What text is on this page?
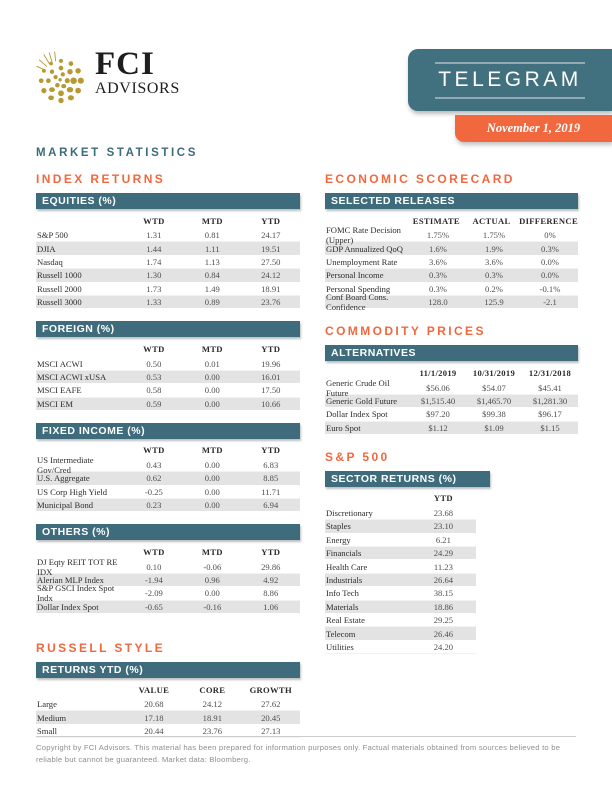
FCI
ADVISORS	TELEGRAM
November 1, 2019
MARKET STATISTICS
INDEX RETURNS
EQUITIES (%)
WTD	MTD	YTD
S&P 500	1.31	0.81	24.17
DJIA	1.44	1.11	19.51
Nasdaq	1.74	1.13	27.50
Russell 1000	1.30	0.84	24.12
Russell 2000	1.73	1.49	18.91
Russell 3000	1.33	0.89	23.76
FOREIGN (%)
WTD	MTD	YTD
MSCI ACWI	0.50	0.01	19.96
MSCI ACWI xUSA	0.53	0.00	16.01
MSCI EAFE	0.58	0.00	17.50
MSCI EM	0.59	0.00	10.66
FIXED INCOME (%)
WTD	MTD	YTD
US Intermediate Gov/Cred
0.43	0.00	6.83
U.S. Aggregate	0.62	0.00	8.85
US Corp High Yield	-0.25	0.00	11.71
Municipal Bond	0.23	0.00	6.94
OTHERS (%)
WTD	MTD	YTD
DJ Eqty REIT TOT RE IDX
0.10	-0.06	29.86
Alerian MLP Index	-1.94	0.96	4.92
S&P GSCI Index Spot Indx
-2.09	0.00	8.86
Dollar Index Spot	-0.65	-0.16	1.06
RUSSELL STYLE
RETURNS YTD (%)
VALUE	CORE	GROWTH
Large	20.68	24.12	27.62
Medium	17.18	18.91	20.45
Small	20.44	23.76	27.13
ECONOMIC SCORECARD
SELECTED RELEASES
ESTIMATE	ACTUAL DIFFERENCE
FOMC Rate Decision (Upper)
1.75%	1.75%	0%
GDP Annualized QoQ	1.6%	1.9%	0.3%
Unemployment Rate	3.6%	3.6%	0.0%
Personal Income	0.3%	0.3%	0.0%
Personal Spending	0.3%	0.2%	-0.1%
Conf Board Cons. Confidence
128.0	125.9	-2.1
COMMODITY PRICES
ALTERNATIVES
11/1/2019	10/31/2019	12/31/2018
Generic Crude Oil Future
$56.06	$54.07	$45.41
Generic Gold Future	$1,515.40	$1,465.70	$1,281.30
Dollar Index Spot	$97.20	$99.38	$96.17
Euro Spot	$1.12	$1.09	$1.15
S&P 500
SECTOR RETURNS (%)
YTD
Discretionary	23.68
Staples	23.10
Energy	6.21
Financials	24.29
Health Care	11.23
Industrials	26.64
Info Tech	38.15
Materials	18.86
Real Estate	29.25
Telecom	26.46
Utilities	24.20
Copyright by FCI Advisors. This material has been prepared for information purposes only. Factual materials obtained from sources believed to be reliable but cannot be guaranteed. Market data: Bloomberg.
